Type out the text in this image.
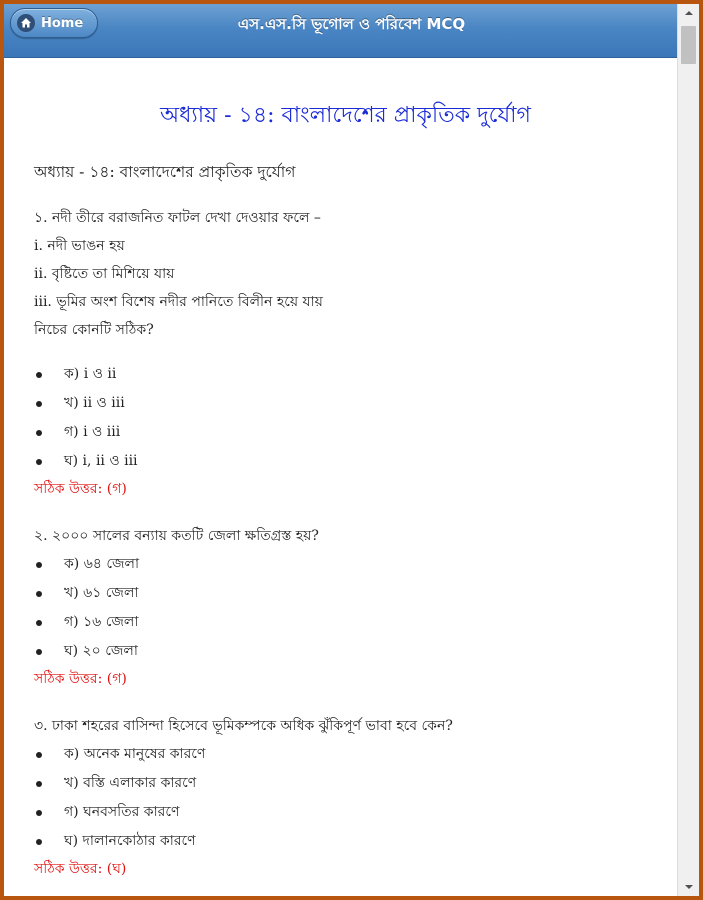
Home	এস.এস.সি ভূগোল ও পরিবেশ MCQ
অধ্যায় - ১৪: বাংলাদেশের প্রাকৃতিক দুর্যোগ
অধ্যায় - ১৪: বাংলাদেশের প্রাকৃতিক দুর্যোগ
১. নদী তীরে বরাজনিত ফাটল দেখা দেওয়ার ফলে –
i. নদী ভাঙন হয়
ii. বৃষ্টিতে তা মিশিয়ে যায়
iii. ভূমির অংশ বিশেষ নদীর পানিতে বিলীন হয়ে যায়
নিচের কোনটি সঠিক?
ক) i ও ii
খ) ii ও iii
গ) i ও iii
ঘ) i, ii ও iii
সঠিক উত্তর: (গ)
২. ২০০০ সালের বন্যায় কতটি জেলা ক্ষতিগ্রস্ত হয়?
ক) ৬৪ জেলা
খ) ৬১ জেলা
গ) ১৬ জেলা
ঘ) ২০ জেলা
সঠিক উত্তর: (গ)
৩. ঢাকা শহরের বাসিন্দা হিসেবে ভূমিকম্পকে অধিক ঝুঁকিপূর্ণ ভাবা হবে কেন?
ক) অনেক মানুষের কারণে
খ) বস্তি এলাকার কারণে
গ) ঘনবসতির কারণে
ঘ) দালানকোঠার কারণে
সঠিক উত্তর: (ঘ)
